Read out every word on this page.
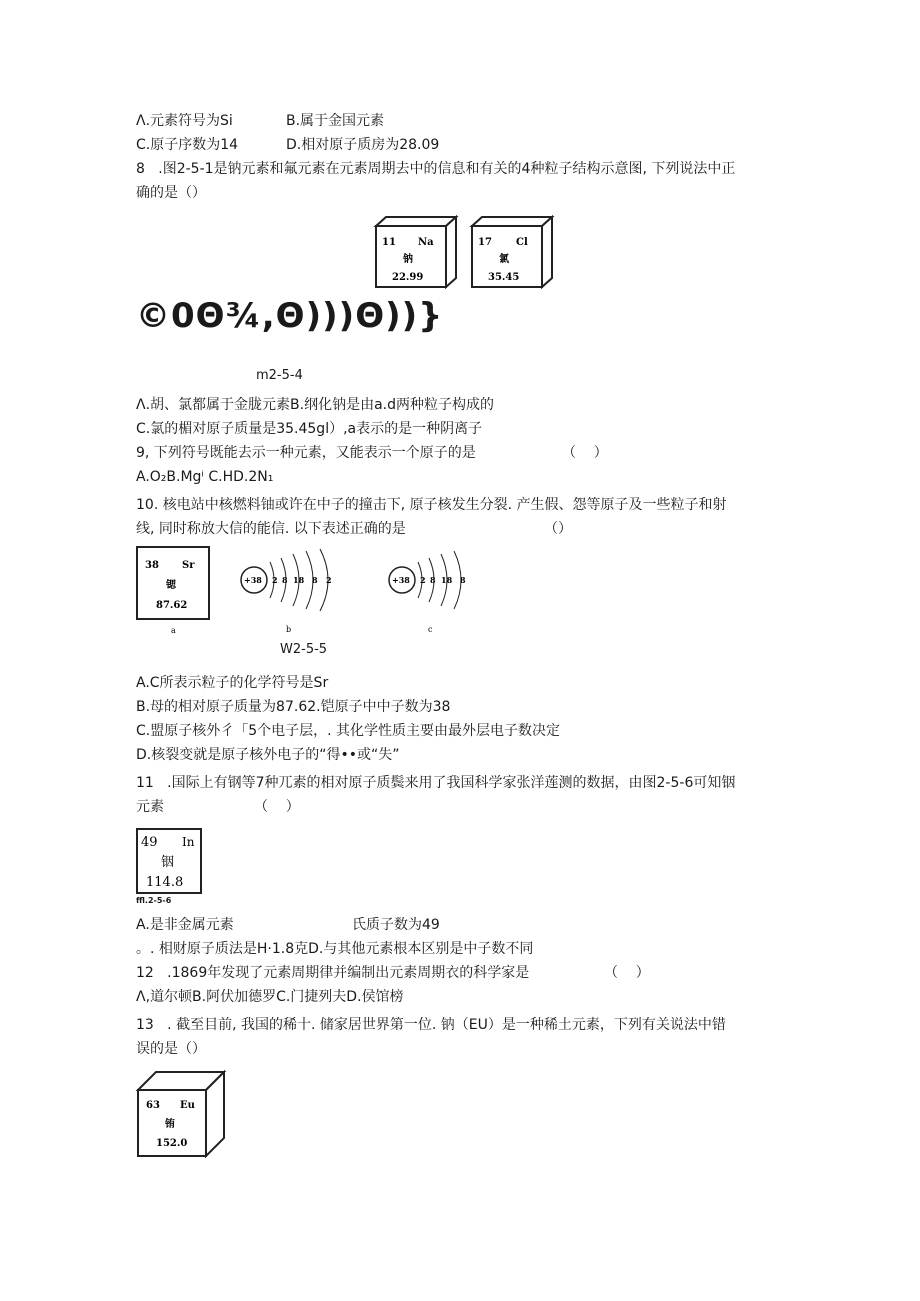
Λ.元素符号为Si	B.属于金国元素
C.原子序数为14	D.相对原子质房为28.09
8   .图2-5-1是钠元素和氟元素在元素周期去中的信息和有关的4种粒子结构示意图, 下列说法中正
确的是（）
11 Na
钠
22.99
17 Cl
氯
35.45
©0Θ¾,Θ)))Θ))}
m2-5-4
Λ.胡、氯都属于金胧元素B.纲化钠是由a.d两种粒子构成的
C.氯的楣对原子质量是35.45gl）,a表示的是一种阴离子
9, 下列符号既能去示一种元素，又能表示一个原子的是	（    ）
A.O₂B.Mgⁱ C.HD.2N₁
10. 核电站中核燃料铀或许在中子的撞击下, 原子核发生分裂. 产生假、怨等原子及一些粒子和射
线, 同时称放大信的能信. 以下表述正确的是	（）
38 Sr
锶
87.62
a
+38 2 8 18 8 2
b
+38 2 8 18 8
c
W2-5-5
A.C所表示粒子的化学符号是Sr
B.母的相对原子质量为87.62.铠原子中中子数为38
C.盟原子核外彳「5个电子层，. 其化学性质主要由最外层电子数决定
D.核裂变就是原子核外电子的“得••或“失”
11   .国际上有钢等7种兀素的相对原子质鬓来用了我国科学家张洋莲测的数据，由图2-5-6可知铟
元素	（    ）
49 In
铟
114.8
ffl.2-5-6
A.是非金属元素	氏质子数为49
。. 相财原子质法是H·1.8克D.与其他元素根本区别是中子数不同
12   .1869年发现了元素周期律并编制出元素周期衣的科学家是	（    ）
Λ,道尔顿B.阿伏加德罗C.门捷列夫D.侯馆榜
13   . 截至目前, 我国的稀十. 储家居世界第一位. 钠（EU）是一种稀土元素，下列有关说法中错
误的是（）
63 Eu
铕
152.0
